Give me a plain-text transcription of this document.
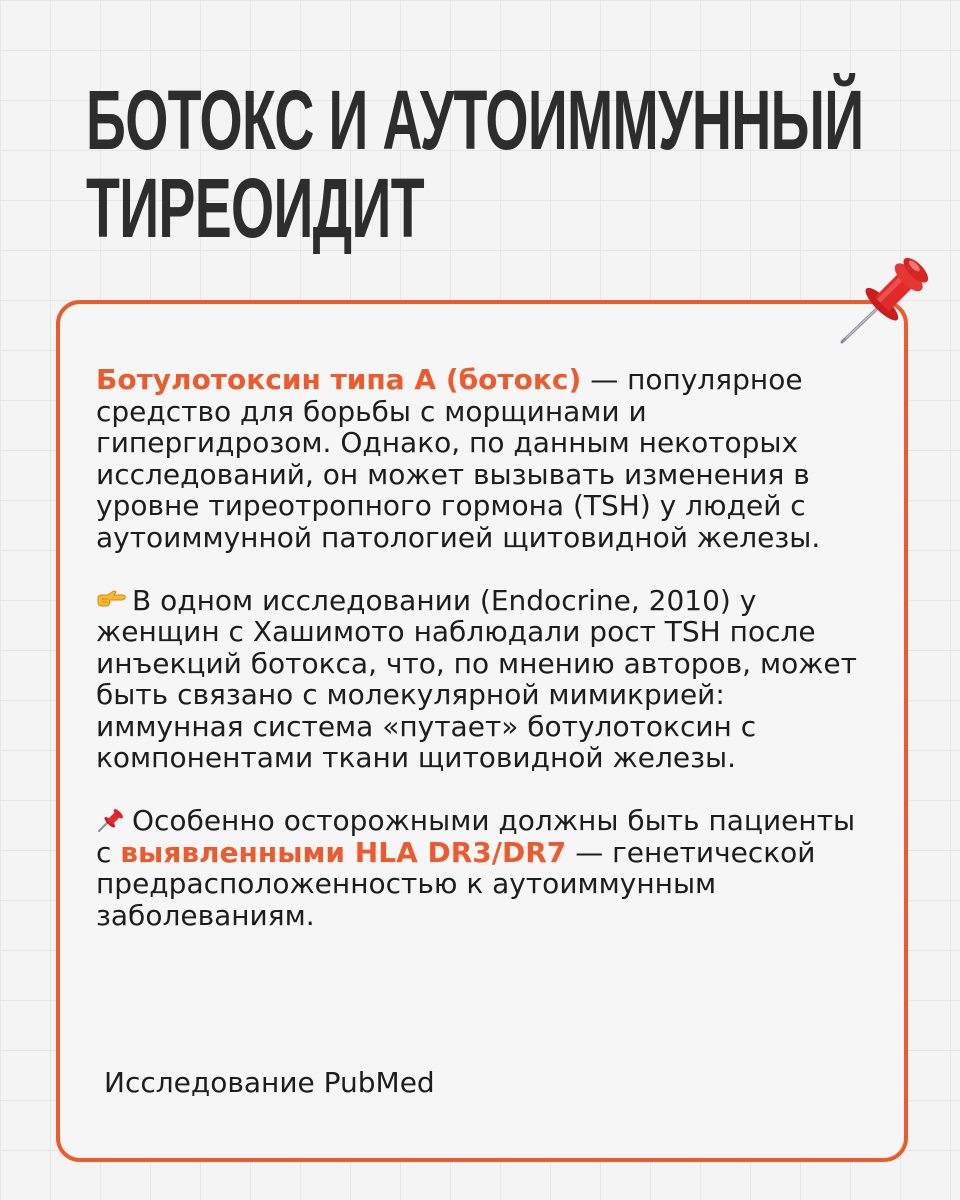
БОТОКС И АУТОИММУННЫЙ
ТИРЕОИДИТ

Ботулотоксин типа А (ботокс) — популярное средство для борьбы с морщинами и гипергидрозом. Однако, по данным некоторых исследований, он может вызывать изменения в уровне тиреотропного гормона (TSH) у людей с аутоиммунной патологией щитовидной железы.

В одном исследовании (Endocrine, 2010) у женщин с Хашимото наблюдали рост TSH после инъекций ботокса, что, по мнению авторов, может быть связано с молекулярной мимикрией: иммунная система «путает» ботулотоксин с компонентами ткани щитовидной железы.

Особенно осторожными должны быть пациенты с выявленными HLA DR3/DR7 — генетической предрасположенностью к аутоиммунным заболеваниям.

Исследование PubMed
